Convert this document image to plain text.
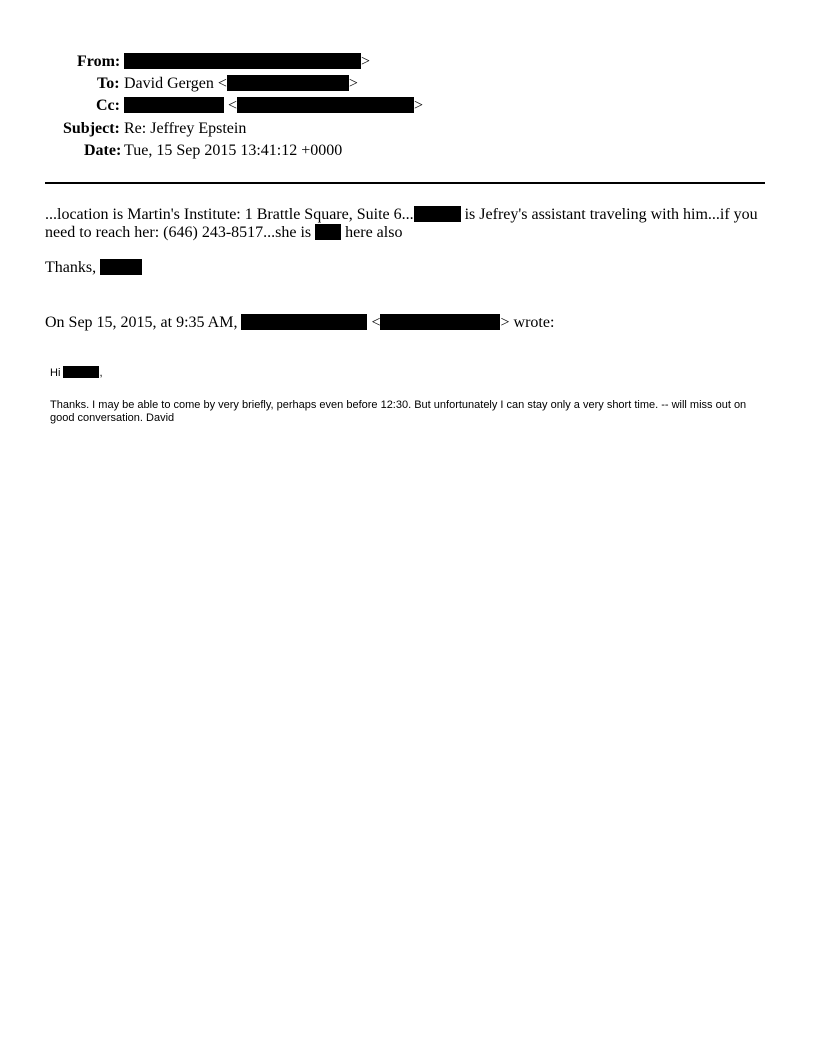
From:	>
To: David Gergen <	>
Cc:	<	>
Subject: Re: Jeffrey Epstein
Date: Tue, 15 Sep 2015 13:41:12 +0000
...location is Martin's Institute: 1 Brattle Square, Suite 6...	is Jefrey's assistant traveling with him...if you
need to reach her: (646) 243-8517...she is  here also
Thanks,
On Sep 15, 2015, at 9:35 AM,	<	> wrote:
Hi	,
Thanks. I may be able to come by very briefly, perhaps even before 12:30. But unfortunately I can stay only a very short time. -- will miss out on good conversation. David
